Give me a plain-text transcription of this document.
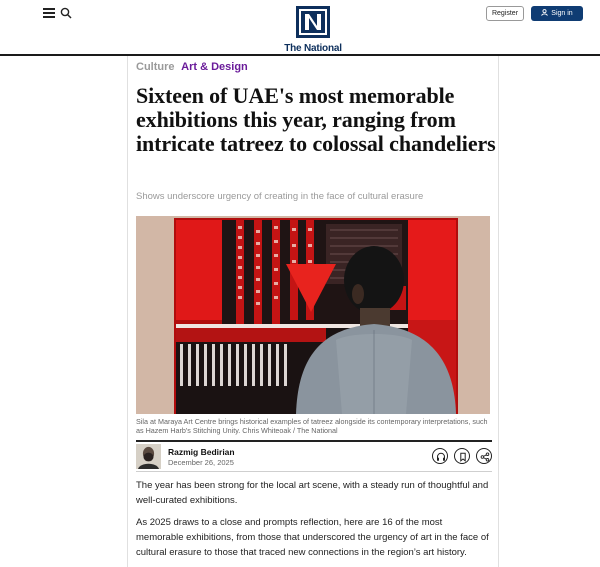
The National
Register	Sign in
Culture Art & Design
Sixteen of UAE's most memorable exhibitions this year, ranging from intricate tatreez to colossal chandeliers
Shows underscore urgency of creating in the face of cultural erasure
Sila at Maraya Art Centre brings historical examples of tatreez alongside its contemporary interpretations, such as Hazem Harb's Stitching Unity. Chris Whiteoak / The National
Razmig Bedirian
December 26, 2025

The year has been strong for the local art scene, with a steady run of thoughtful and well-curated exhibitions.

As 2025 draws to a close and prompts reflection, here are 16 of the most memorable exhibitions, from those that underscored the urgency of art in the face of cultural erasure to those that traced new connections in the region’s art history.
